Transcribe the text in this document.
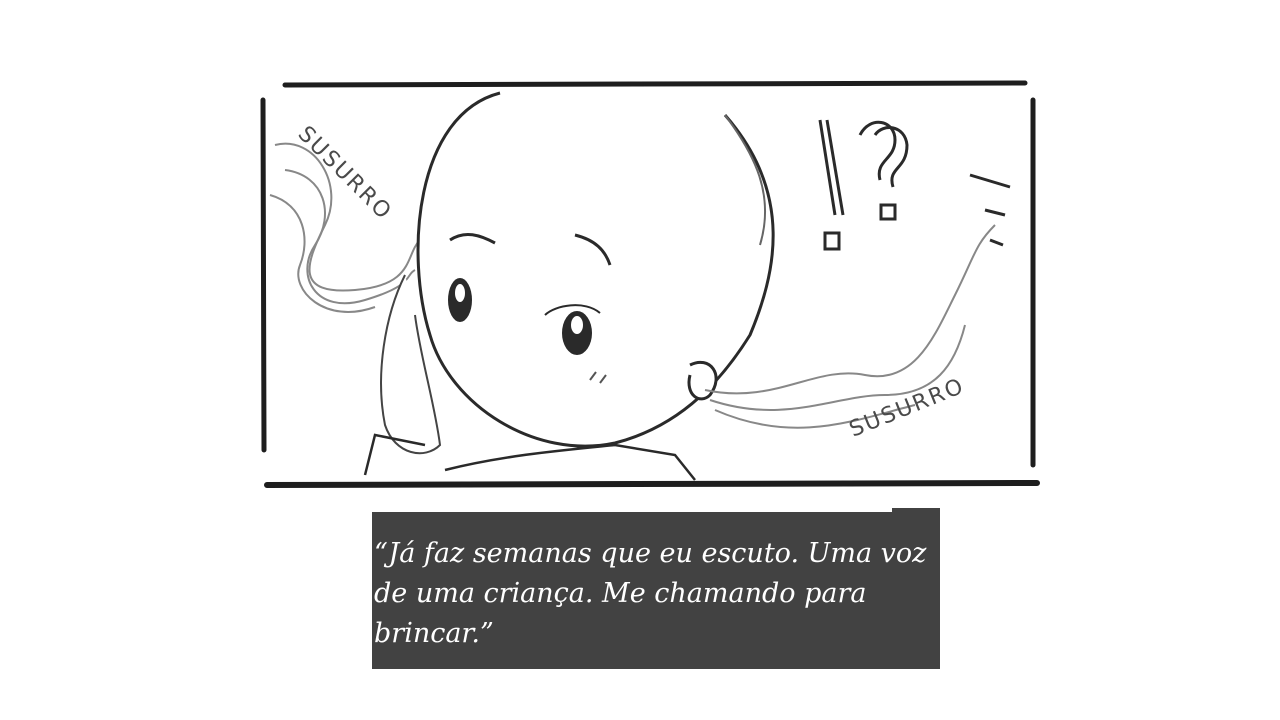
SUSURRO
SUSURRO

“Já faz semanas que eu escuto. Uma voz de uma criança. Me chamando para brincar.”
